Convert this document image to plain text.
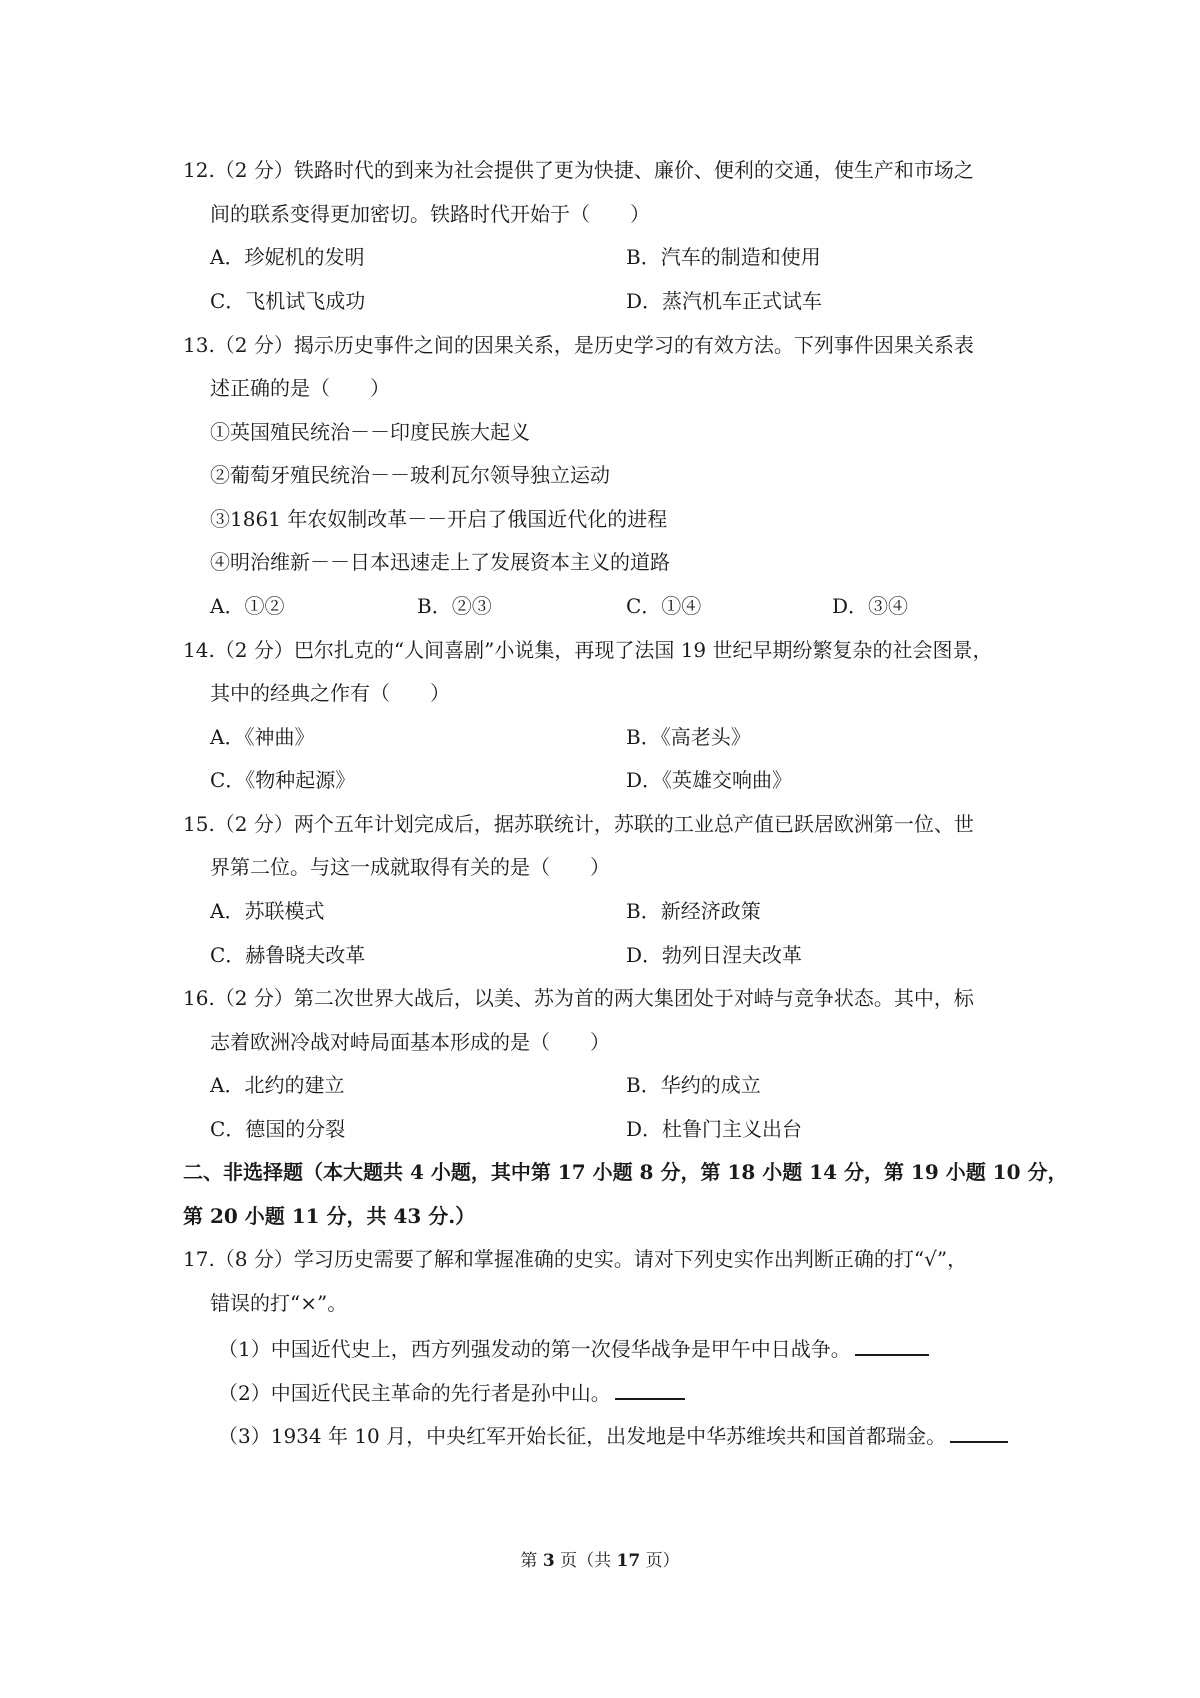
12.（2 分）铁路时代的到来为社会提供了更为快捷、廉价、便利的交通，使生产和市场之
间的联系变得更加密切。铁路时代开始于（　　）
A．珍妮机的发明	B．汽车的制造和使用
C．飞机试飞成功	D．蒸汽机车正式试车
13.（2 分）揭示历史事件之间的因果关系，是历史学习的有效方法。下列事件因果关系表
述正确的是（　　）
①英国殖民统治－－印度民族大起义
②葡萄牙殖民统治－－玻利瓦尔领导独立运动
③1861 年农奴制改革－－开启了俄国近代化的进程
④明治维新－－日本迅速走上了发展资本主义的道路
A．①②	B．②③	C．①④	D．③④
14.（2 分）巴尔扎克的“人间喜剧”小说集，再现了法国 19 世纪早期纷繁复杂的社会图景，
其中的经典之作有（　　）
A．《神曲》	B．《高老头》
C．《物种起源》	D．《英雄交响曲》
15.（2 分）两个五年计划完成后，据苏联统计，苏联的工业总产值已跃居欧洲第一位、世
界第二位。与这一成就取得有关的是（　　）
A．苏联模式	B．新经济政策
C．赫鲁晓夫改革	D．勃列日涅夫改革
16.（2 分）第二次世界大战后，以美、苏为首的两大集团处于对峙与竞争状态。其中，标
志着欧洲冷战对峙局面基本形成的是（　　）
A．北约的建立	B．华约的成立
C．德国的分裂	D．杜鲁门主义出台
二、非选择题（本大题共 4 小题，其中第 17 小题 8 分，第 18 小题 14 分，第 19 小题 10 分，
第 20 小题 11 分，共 43 分.）
17.（8 分）学习历史需要了解和掌握准确的史实。请对下列史实作出判断正确的打“√”，
错误的打“×”。
（1）中国近代史上，西方列强发动的第一次侵华战争是甲午中日战争。
（2）中国近代民主革命的先行者是孙中山。
（3）1934 年 10 月，中央红军开始长征，出发地是中华苏维埃共和国首都瑞金。
第 3 页（共 17 页）
